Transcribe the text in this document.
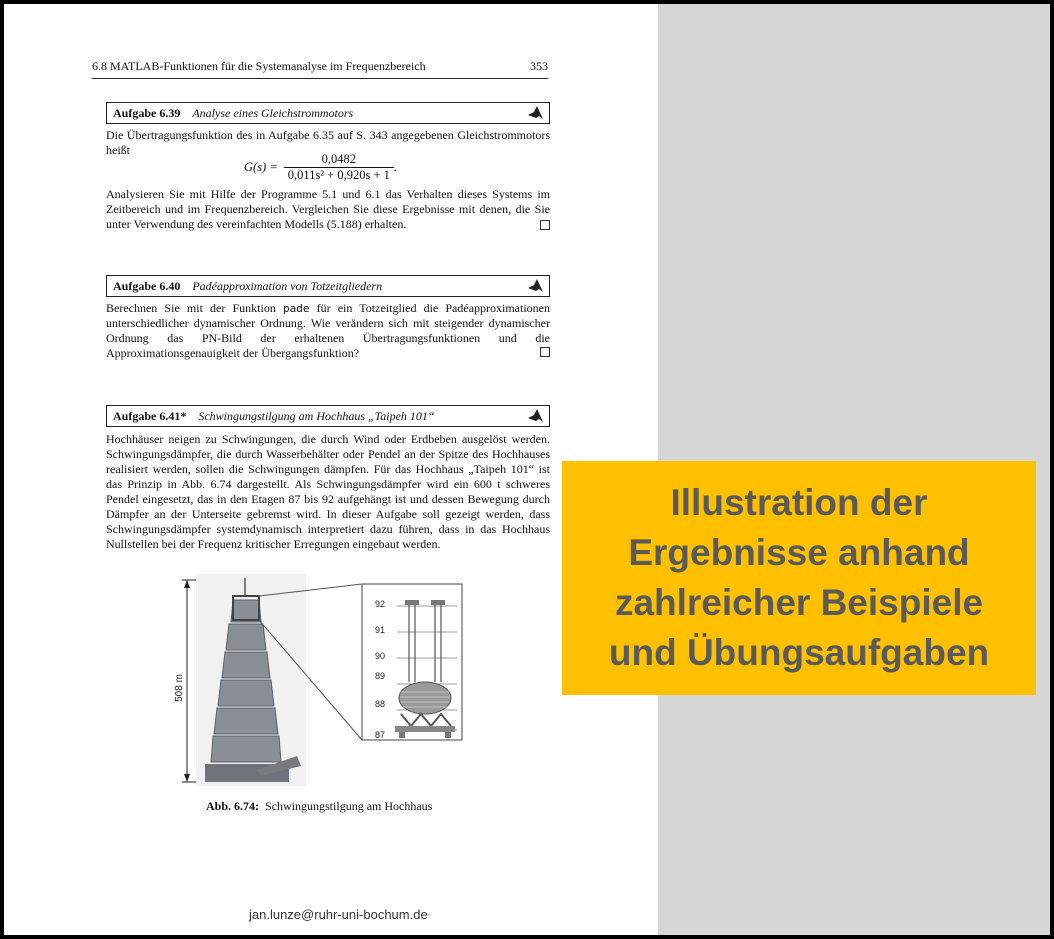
6.8 MATLAB-Funktionen für die Systemanalyse im Frequenzbereich	353
Aufgabe 6.39 Analyse eines Gleichstrommotors
Die Übertragungsfunktion des in Aufgabe 6.35 auf S. 343 angegebenen Gleichstrommotors heißt
$G(s) = \frac{0,0482}{\text{0,011s² + 0,920s + 1}}$ .
Analysieren Sie mit Hilfe der Programme 5.1 und 6.1 das Verhalten dieses Systems im Zeitbereich und im Frequenzbereich. Vergleichen Sie diese Ergebnisse mit denen, die Sie unter Verwendung des vereinfachten Modells (5.188) erhalten.
Aufgabe 6.40 Padéapproximation von Totzeitgliedern
Berechnen Sie mit der Funktion pade für ein Totzeitglied die Padéapproximationen unterschiedlicher dynamischer Ordnung. Wie verändern sich mit steigender dynamischer Ordnung das PN-Bild der erhaltenen Übertragungsfunktionen und die Approximationsgenauigkeit der Übergangsfunktion?
Aufgabe 6.41* Schwingungstilgung am Hochhaus „Taipeh 101“
Hochhäuser neigen zu Schwingungen, die durch Wind oder Erdbeben ausgelöst werden. Schwingungsdämpfer, die durch Wasserbehälter oder Pendel an der Spitze des Hochhauses realisiert werden, sollen die Schwingungen dämpfen. Für das Hochhaus „Taipeh 101“ ist das Prinzip in Abb. 6.74 dargestellt. Als Schwingungsdämpfer wird ein 600 t schweres Pendel eingesetzt, das in den Etagen 87 bis 92 aufgehängt ist und dessen Bewegung durch Dämpfer an der Unterseite gebremst wird. In dieser Aufgabe soll gezeigt werden, dass Schwingungsdämpfer systemdynamisch interpretiert dazu führen, dass in das Hochhaus Nullstellen bei der Frequenz kritischer Erregungen eingebaut werden.
508 m
92
91
90
89
88
87
Abb. 6.74: Schwingungstilgung am Hochhaus
jan.lunze@ruhr-uni-bochum.de
Illustration der
Ergebnisse anhand
zahlreicher Beispiele
und Übungsaufgaben
